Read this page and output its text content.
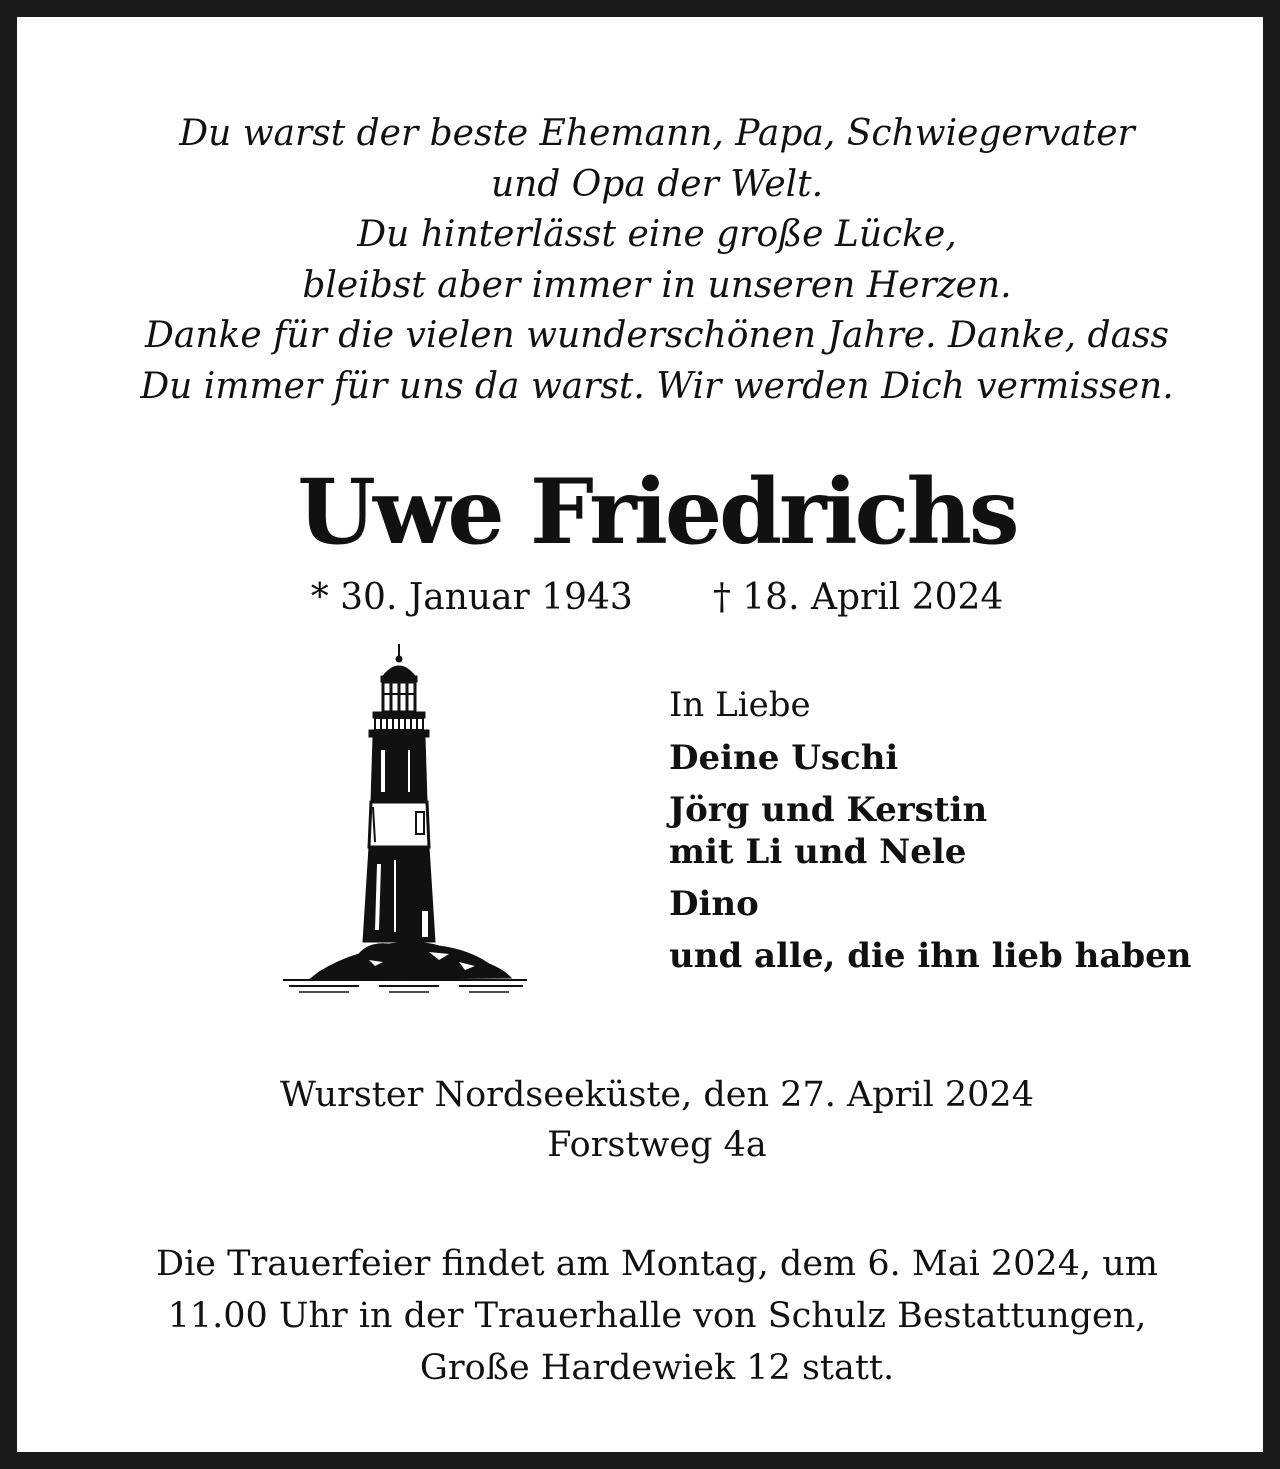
Du warst der beste Ehemann, Papa, Schwiegervater
und Opa der Welt.
Du hinterlässt eine große Lücke,
bleibst aber immer in unseren Herzen.
Danke für die vielen wunderschönen Jahre. Danke, dass
Du immer für uns da warst. Wir werden Dich vermissen.
Uwe Friedrichs
* 30. Januar 1943 † 18. April 2024
In Liebe
Deine Uschi
Jörg und Kerstin
mit Li und Nele
Dino
und alle, die ihn lieb haben
Wurster Nordseeküste, den 27. April 2024
Forstweg 4a
Die Trauerfeier findet am Montag, dem 6. Mai 2024, um
11.00 Uhr in der Trauerhalle von Schulz Bestattungen,
Große Hardewiek 12 statt.
